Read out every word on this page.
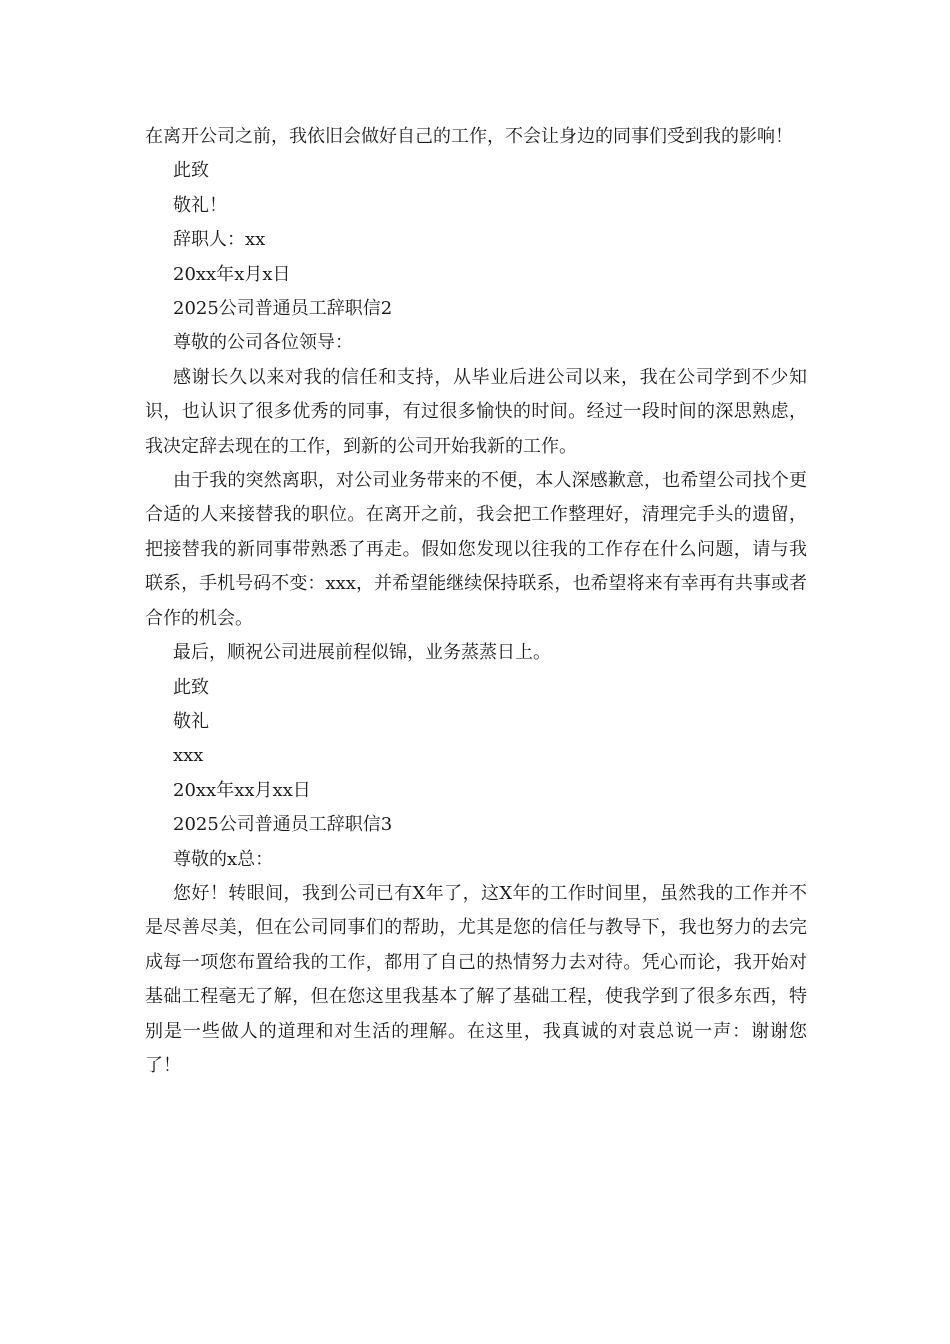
在离开公司之前，我依旧会做好自己的工作，不会让身边的同事们受到我的影响！

此致

敬礼！

辞职人：xx

20xx年x月x日

2025公司普通员工辞职信2

尊敬的公司各位领导：

感谢长久以来对我的信任和支持，从毕业后进公司以来，我在公司学到不少知识，也认识了很多优秀的同事，有过很多愉快的时间。经过一段时间的深思熟虑，我决定辞去现在的工作，到新的公司开始我新的工作。

由于我的突然离职，对公司业务带来的不便，本人深感歉意，也希望公司找个更合适的人来接替我的职位。在离开之前，我会把工作整理好，清理完手头的遗留，把接替我的新同事带熟悉了再走。假如您发现以往我的工作存在什么问题，请与我联系，手机号码不变：xxx，并希望能继续保持联系，也希望将来有幸再有共事或者合作的机会。

最后，顺祝公司进展前程似锦，业务蒸蒸日上。

此致

敬礼

xxx

20xx年xx月xx日

2025公司普通员工辞职信3

尊敬的x总：

您好！转眼间，我到公司已有X年了，这X年的工作时间里，虽然我的工作并不是尽善尽美，但在公司同事们的帮助，尤其是您的信任与教导下，我也努力的去完成每一项您布置给我的工作，都用了自己的热情努力去对待。凭心而论，我开始对基础工程毫无了解，但在您这里我基本了解了基础工程，使我学到了很多东西，特别是一些做人的道理和对生活的理解。在这里，我真诚的对袁总说一声：谢谢您了！
